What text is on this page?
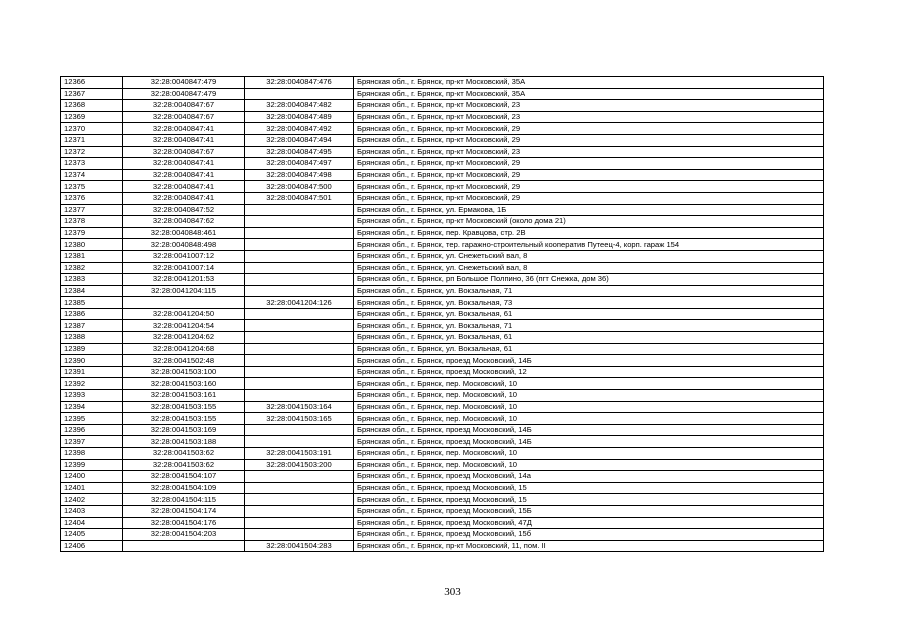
12366	32:28:0040847:479	32:28:0040847:476	Брянская обл., г. Брянск, пр-кт Московский, 35А
12367	32:28:0040847:479		Брянская обл., г. Брянск, пр-кт Московский, 35А
12368	32:28:0040847:67	32:28:0040847:482	Брянская обл., г. Брянск, пр-кт Московский, 23
12369	32:28:0040847:67	32:28:0040847:489	Брянская обл., г. Брянск, пр-кт Московский, 23
12370	32:28:0040847:41	32:28:0040847:492	Брянская обл., г. Брянск, пр-кт Московский, 29
12371	32:28:0040847:41	32:28:0040847:494	Брянская обл., г. Брянск, пр-кт Московский, 29
12372	32:28:0040847:67	32:28:0040847:495	Брянская обл., г. Брянск, пр-кт Московский, 23
12373	32:28:0040847:41	32:28:0040847:497	Брянская обл., г. Брянск, пр-кт Московский, 29
12374	32:28:0040847:41	32:28:0040847:498	Брянская обл., г. Брянск, пр-кт Московский, 29
12375	32:28:0040847:41	32:28:0040847:500	Брянская обл., г. Брянск, пр-кт Московский, 29
12376	32:28:0040847:41	32:28:0040847:501	Брянская обл., г. Брянск, пр-кт Московский, 29
12377	32:28:0040847:52		Брянская обл., г. Брянск, ул. Ермакова, 1Б
12378	32:28:0040847:62		Брянская обл., г. Брянск, пр-кт Московский (около дома 21)
12379	32:28:0040848:461		Брянская обл., г. Брянск, пер. Кравцова, стр. 2В
12380	32:28:0040848:498		Брянская обл., г. Брянск, тер. гаражно-строительный кооператив Путеец-4, корп. гараж 154
12381	32:28:0041007:12		Брянская обл., г. Брянск, ул. Снежетьский вал, 8
12382	32:28:0041007:14		Брянская обл., г. Брянск, ул. Снежетьский вал, 8
12383	32:28:0041201:53		Брянская обл., г. Брянск, рп Большое Полпино, 36 (пгт Снежка, дом 36)
12384	32:28:0041204:115		Брянская обл., г. Брянск, ул. Вокзальная, 71
12385		32:28:0041204:126	Брянская обл., г. Брянск, ул. Вокзальная, 73
12386	32:28:0041204:50		Брянская обл., г. Брянск, ул. Вокзальная, 61
12387	32:28:0041204:54		Брянская обл., г. Брянск, ул. Вокзальная, 71
12388	32:28:0041204:62		Брянская обл., г. Брянск, ул. Вокзальная, 61
12389	32:28:0041204:68		Брянская обл., г. Брянск, ул. Вокзальная, 61
12390	32:28:0041502:48		Брянская обл., г. Брянск, проезд Московский, 14Б
12391	32:28:0041503:100		Брянская обл., г. Брянск, проезд Московский, 12
12392	32:28:0041503:160		Брянская обл., г. Брянск, пер. Московский, 10
12393	32:28:0041503:161		Брянская обл., г. Брянск, пер. Московский, 10
12394	32:28:0041503:155	32:28:0041503:164	Брянская обл., г. Брянск, пер. Московский, 10
12395	32:28:0041503:155	32:28:0041503:165	Брянская обл., г. Брянск, пер. Московский, 10
12396	32:28:0041503:169		Брянская обл., г. Брянск, проезд Московский, 14Б
12397	32:28:0041503:188		Брянская обл., г. Брянск, проезд Московский, 14Б
12398	32:28:0041503:62	32:28:0041503:191	Брянская обл., г. Брянск, пер. Московский, 10
12399	32:28:0041503:62	32:28:0041503:200	Брянская обл., г. Брянск, пер. Московский, 10
12400	32:28:0041504:107		Брянская обл., г. Брянск, проезд Московский, 14а
12401	32:28:0041504:109		Брянская обл., г. Брянск, проезд Московский, 15
12402	32:28:0041504:115		Брянская обл., г. Брянск, проезд Московский, 15
12403	32:28:0041504:174		Брянская обл., г. Брянск, проезд Московский, 15Б
12404	32:28:0041504:176		Брянская обл., г. Брянск, проезд Московский, 47Д
12405	32:28:0041504:203		Брянская обл., г. Брянск, проезд Московский, 15б
12406		32:28:0041504:283	Брянская обл., г. Брянск, пр-кт Московский, 11, пом. II
303
